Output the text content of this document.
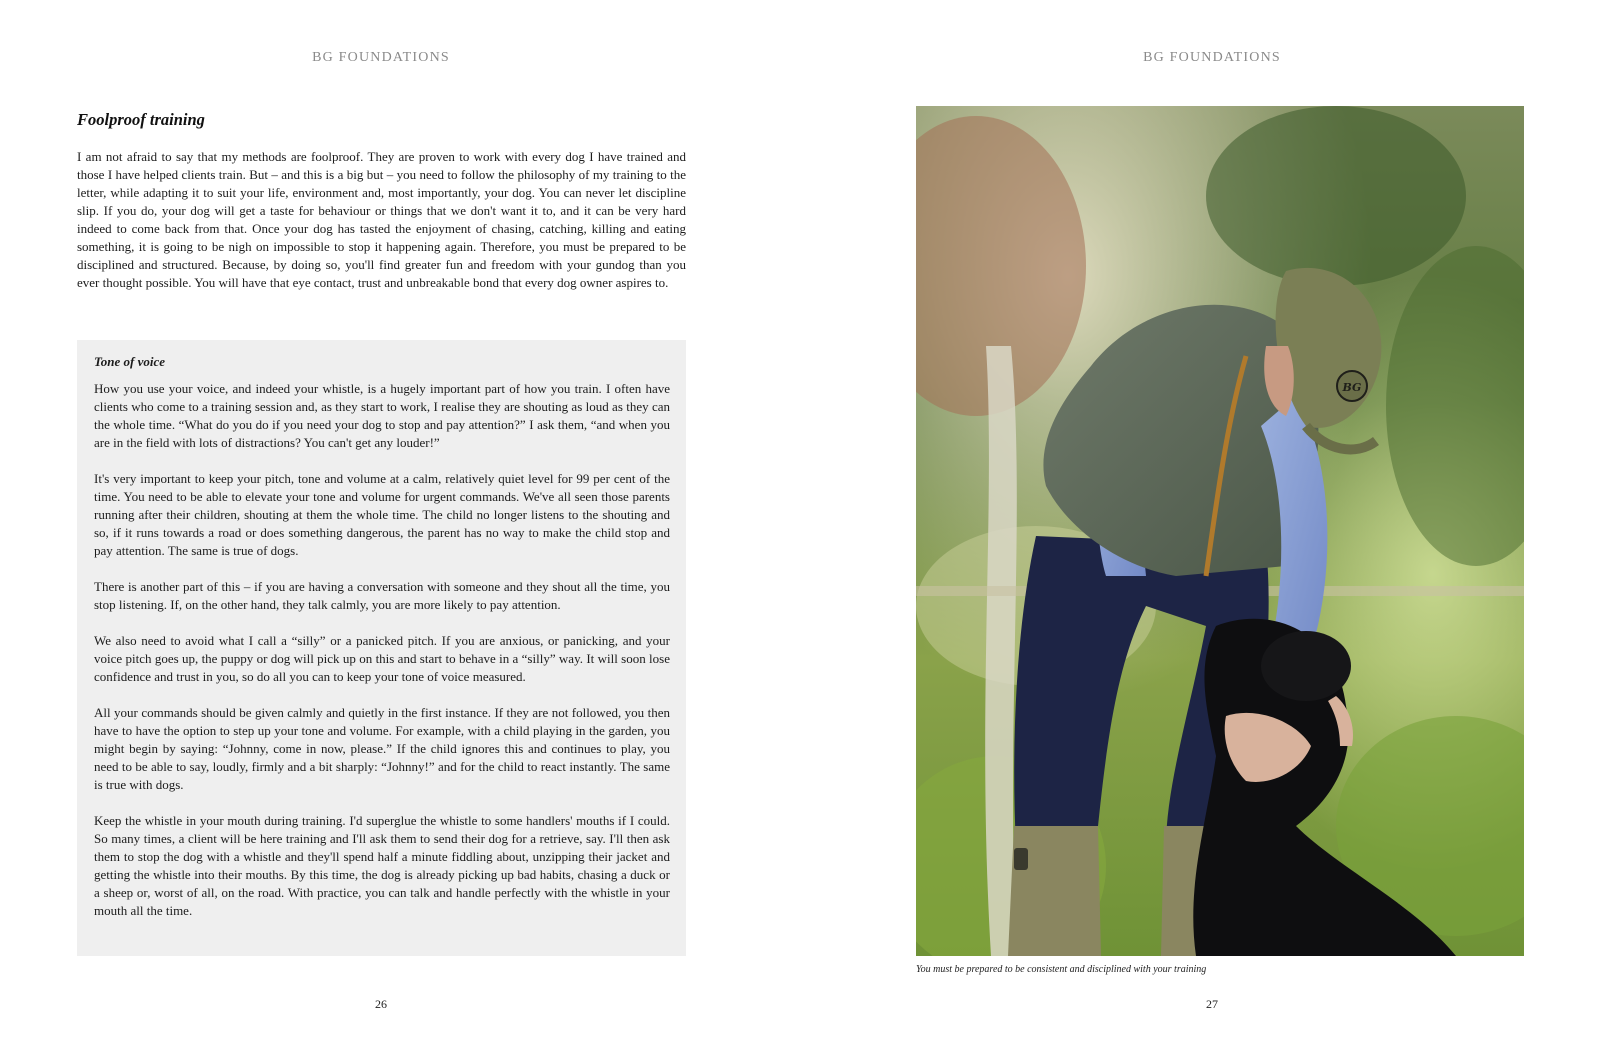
BG FOUNDATIONS
Foolproof training

I am not afraid to say that my methods are foolproof. They are proven to work with every dog I have trained and those I have helped clients train. But – and this is a big but – you need to follow the philosophy of my training to the letter, while adapting it to suit your life, environment and, most importantly, your dog. You can never let discipline slip. If you do, your dog will get a taste for behaviour or things that we don't want it to, and it can be very hard indeed to come back from that. Once your dog has tasted the enjoyment of chasing, catching, killing and eating something, it is going to be nigh on impossible to stop it happening again. Therefore, you must be prepared to be disciplined and structured. Because, by doing so, you'll find greater fun and freedom with your gundog than you ever thought possible. You will have that eye contact, trust and unbreakable bond that every dog owner aspires to.

Tone of voice

How you use your voice, and indeed your whistle, is a hugely important part of how you train. I often have clients who come to a training session and, as they start to work, I realise they are shouting as loud as they can the whole time. “What do you do if you need your dog to stop and pay attention?” I ask them, “and when you are in the field with lots of distractions? You can't get any louder!”

It's very important to keep your pitch, tone and volume at a calm, relatively quiet level for 99 per cent of the time. You need to be able to elevate your tone and volume for urgent commands. We've all seen those parents running after their children, shouting at them the whole time. The child no longer listens to the shouting and so, if it runs towards a road or does something dangerous, the parent has no way to make the child stop and pay attention. The same is true of dogs.

There is another part of this – if you are having a conversation with someone and they shout all the time, you stop listening. If, on the other hand, they talk calmly, you are more likely to pay attention.

We also need to avoid what I call a “silly” or a panicked pitch. If you are anxious, or panicking, and your voice pitch goes up, the puppy or dog will pick up on this and start to behave in a “silly” way. It will soon lose confidence and trust in you, so do all you can to keep your tone of voice measured.

All your commands should be given calmly and quietly in the first instance. If they are not followed, you then have to have the option to step up your tone and volume. For example, with a child playing in the garden, you might begin by saying: “Johnny, come in now, please.” If the child ignores this and continues to play, you need to be able to say, loudly, firmly and a bit sharply: “Johnny!” and for the child to react instantly. The same is true with dogs.

Keep the whistle in your mouth during training. I'd superglue the whistle to some handlers' mouths if I could. So many times, a client will be here training and I'll ask them to send their dog for a retrieve, say. I'll then ask them to stop the dog with a whistle and they'll spend half a minute fiddling about, unzipping their jacket and getting the whistle into their mouths. By this time, the dog is already picking up bad habits, chasing a duck or a sheep or, worst of all, on the road. With practice, you can talk and handle perfectly with the whistle in your mouth all the time.

26
BG FOUNDATIONS
BG
You must be prepared to be consistent and disciplined with your training
27
